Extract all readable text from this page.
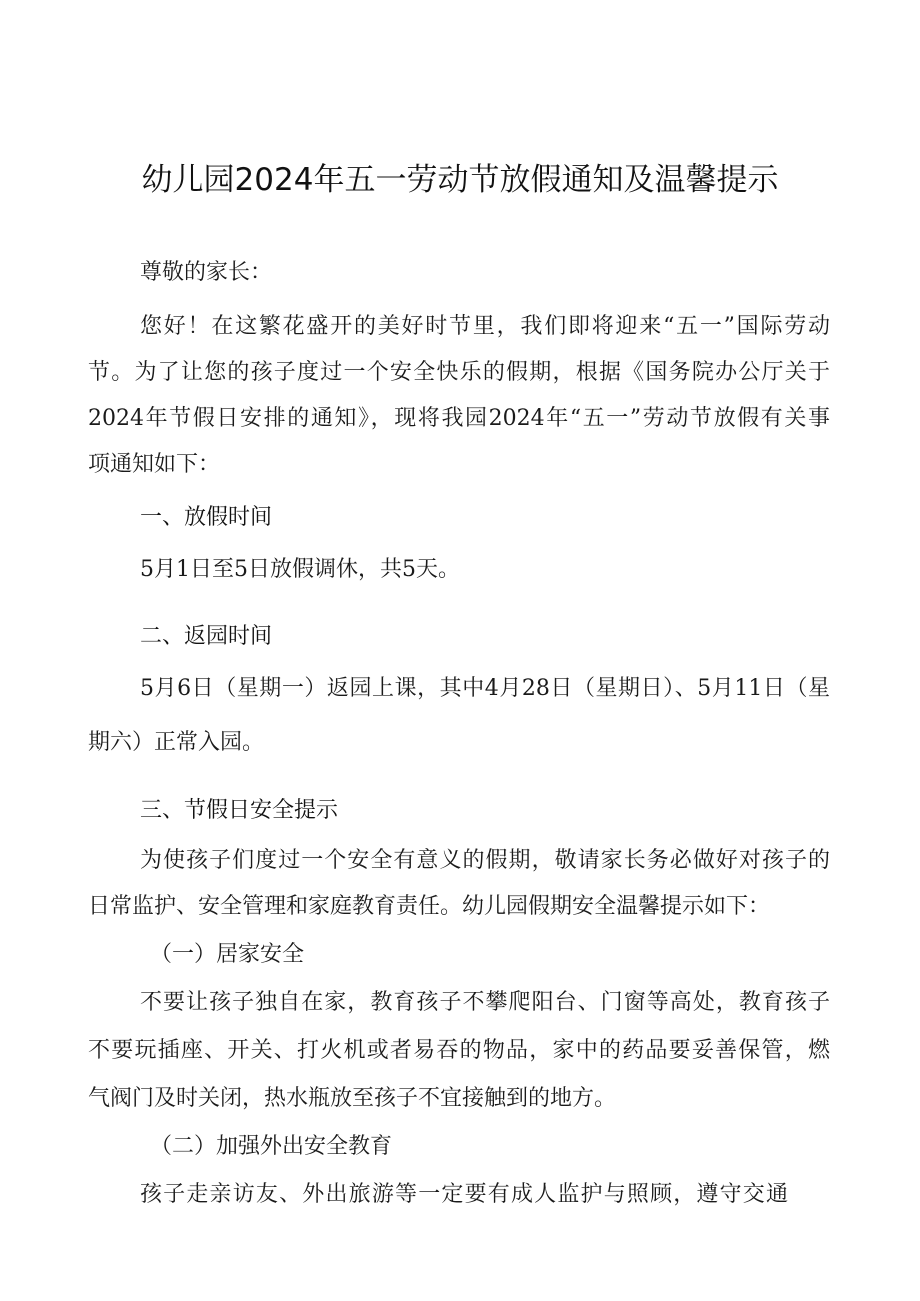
幼儿园2024年五一劳动节放假通知及温馨提示
尊敬的家长：
您好！在这繁花盛开的美好时节里，我们即将迎来“五一”国际劳动
节。为了让您的孩子度过一个安全快乐的假期，根据《国务院办公厅关于
2024年节假日安排的通知》，现将我园2024年“五一”劳动节放假有关事
项通知如下：
一、放假时间
5月1日至5日放假调休，共5天。
二、返园时间
5月6日（星期一）返园上课，其中4月28日（星期日）、5月11日（星
期六）正常入园。
三、节假日安全提示
为使孩子们度过一个安全有意义的假期，敬请家长务必做好对孩子的
日常监护、安全管理和家庭教育责任。幼儿园假期安全温馨提示如下：
（一）居家安全
不要让孩子独自在家，教育孩子不攀爬阳台、门窗等高处，教育孩子
不要玩插座、开关、打火机或者易吞的物品，家中的药品要妥善保管，燃
气阀门及时关闭，热水瓶放至孩子不宜接触到的地方。
（二）加强外出安全教育
孩子走亲访友、外出旅游等一定要有成人监护与照顾，遵守交通
